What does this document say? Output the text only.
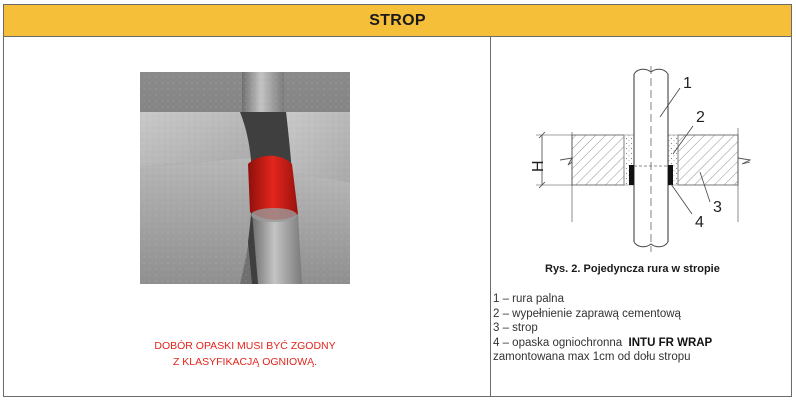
STROP
DOBÓR OPASKI MUSI BYĆ ZGODNY
Z KLASYFIKACJĄ OGNIOWĄ.
H
1
2
3
4
Rys. 2. Pojedyncza rura w stropie
1 – rura palna
2 – wypełnienie zaprawą cementową
3 – strop
4 – opaska ogniochronna INTU FR WRAP
zamontowana max 1cm od dołu stropu
